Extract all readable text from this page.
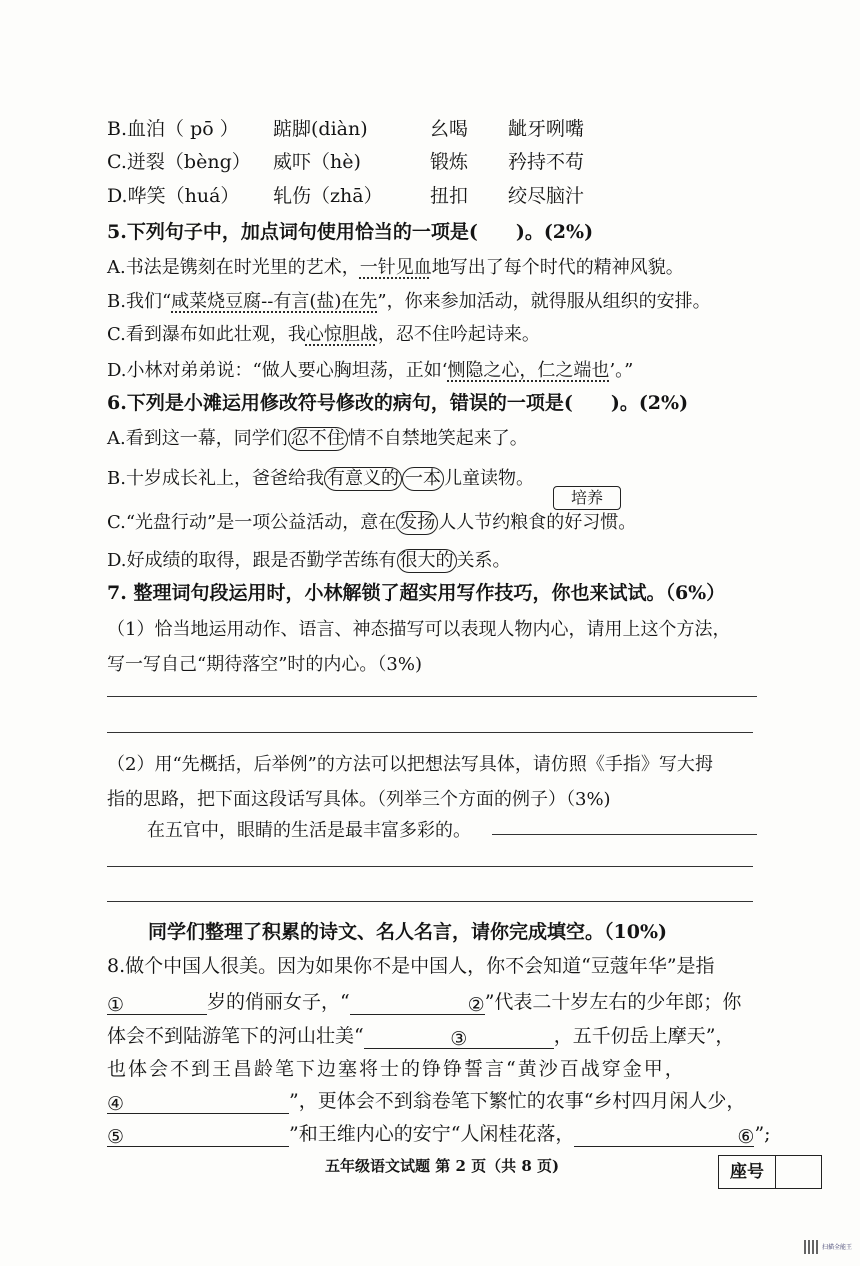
B.血泊（ pō ） 踮脚(diàn)	幺喝 龇牙咧嘴
C.迸裂（bèng） 威吓（hè)	锻炼 矜持不苟
D.哗笑（huá） 轧伤（zhā） 扭扣 绞尽脑汁
5.下列句子中，加点词句使用恰当的一项是(　　)。(2%)
A.书法是镌刻在时光里的艺术，一针见血地写出了每个时代的精神风貌。
B.我们“咸菜烧豆腐--有言(盐)在先”，你来参加活动，就得服从组织的安排。
C.看到瀑布如此壮观，我心惊胆战，忍不住吟起诗来。
D.小林对弟弟说：“做人要心胸坦荡，正如‘恻隐之心，仁之端也’。”
6.下列是小滩运用修改符号修改的病句，错误的一项是(　　)。(2%)
A.看到这一幕，同学们 忍不住 情不自禁地笑起来了。
B.十岁成长礼上，爸爸给我 有意义的 一本 儿童读物。
培养
C.“光盘行动”是一项公益活动，意在 发扬 人人节约粮食的好习惯。
D.好成绩的取得，跟是否勤学苦练有 很大的 关系。
7. 整理词句段运用时，小林解锁了超实用写作技巧，你也来试试。（6%）
（1）恰当地运用动作、语言、神态描写可以表现人物内心，请用上这个方法，
写一写自己“期待落空”时的内心。（3%)
（2）用“先概括，后举例”的方法可以把想法写具体，请仿照《手指》写大拇
指的思路，把下面这段话写具体。（列举三个方面的例子）（3%)
在五官中，眼睛的生活是最丰富多彩的。
同学们整理了积累的诗文、名人名言，请你完成填空。（10%)
8.做个中国人很美。因为如果你不是中国人，你不会知道“豆蔻年华”是指
①	岁的俏丽女子，“	②”代表二十岁左右的少年郎；你
体会不到陆游笔下的河山壮美“	③	，五千仞岳上摩天”，
也体会不到王昌龄笔下边塞将士的铮铮誓言“黄沙百战穿金甲，
④	”，更体会不到翁卷笔下繁忙的农事“乡村四月闲人少，
⑤	”和王维内心的安宁“人闲桂花落，	⑥”;
五年级语文试题 第 2 页（共 8 页)	座号
扫描全能王
